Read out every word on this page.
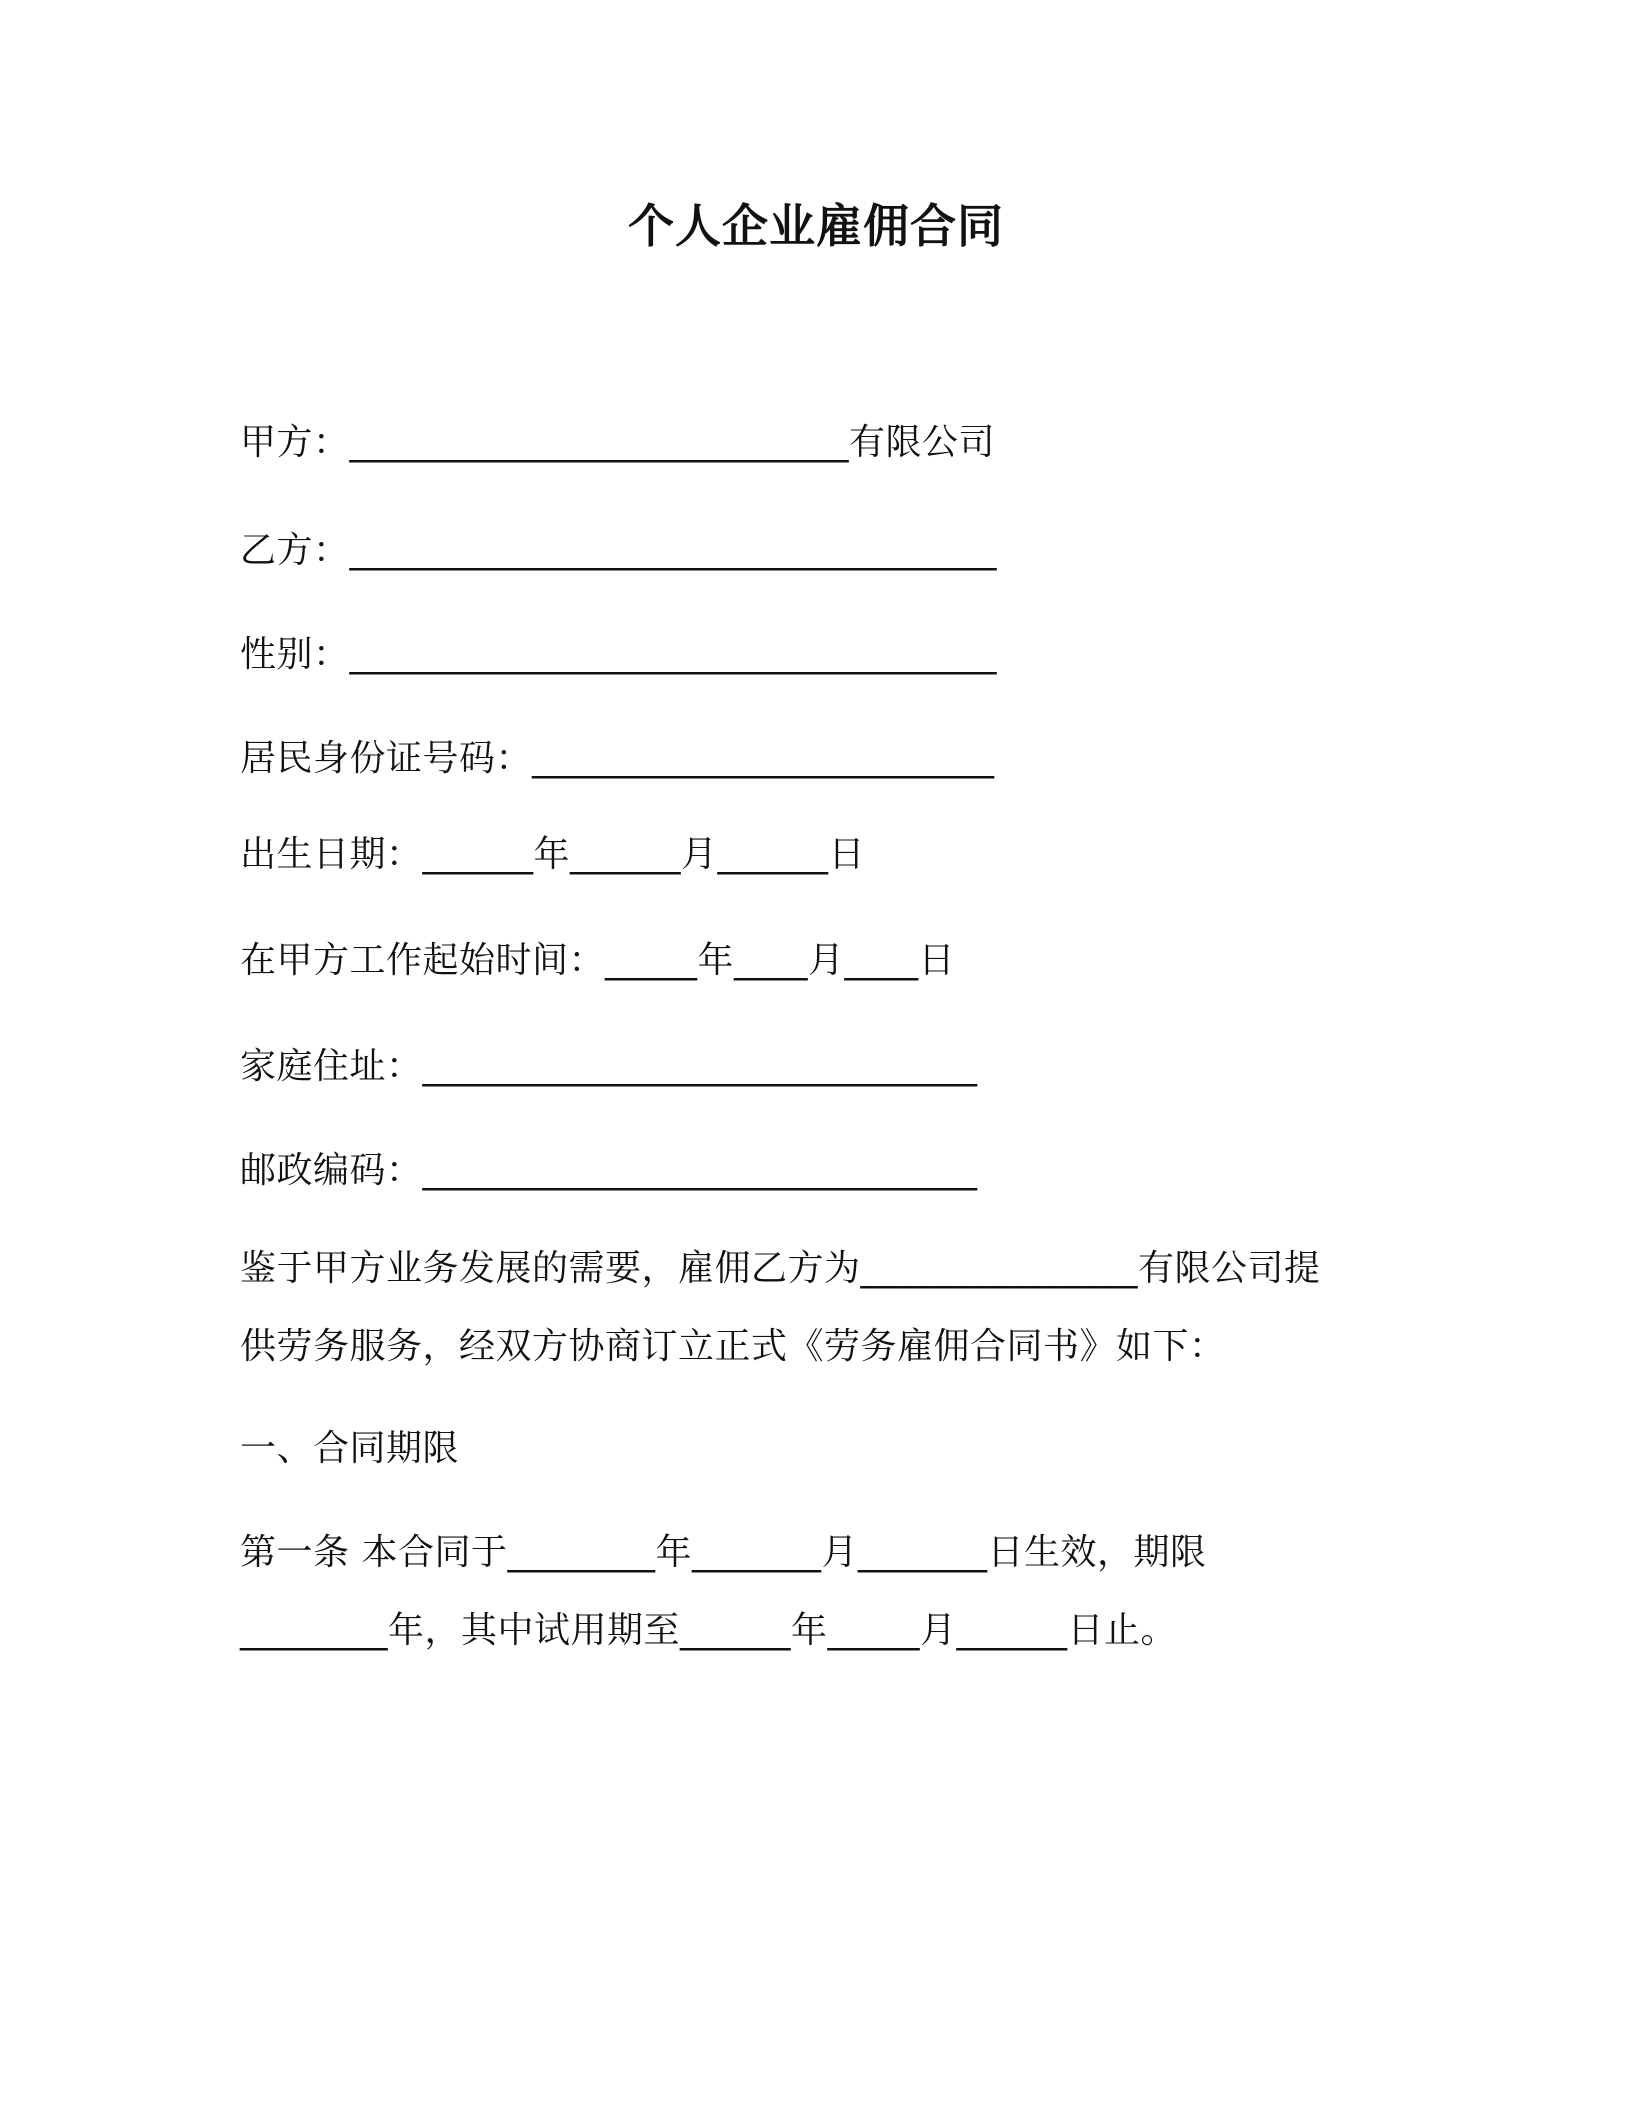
个人企业雇佣合同
甲方：___________________________有限公司
乙方：___________________________________
性别：___________________________________
居民身份证号码：_________________________
出生日期：______年______月______日
在甲方工作起始时间：_____年____月____日
家庭住址：______________________________
邮政编码：______________________________
鉴于甲方业务发展的需要，雇佣乙方为_______________有限公司提
供劳务服务，经双方协商订立正式《劳务雇佣合同书》如下：
一、合同期限
第一条 本合同于________年_______月_______日生效，期限
________年，其中试用期至______年_____月______日止。
